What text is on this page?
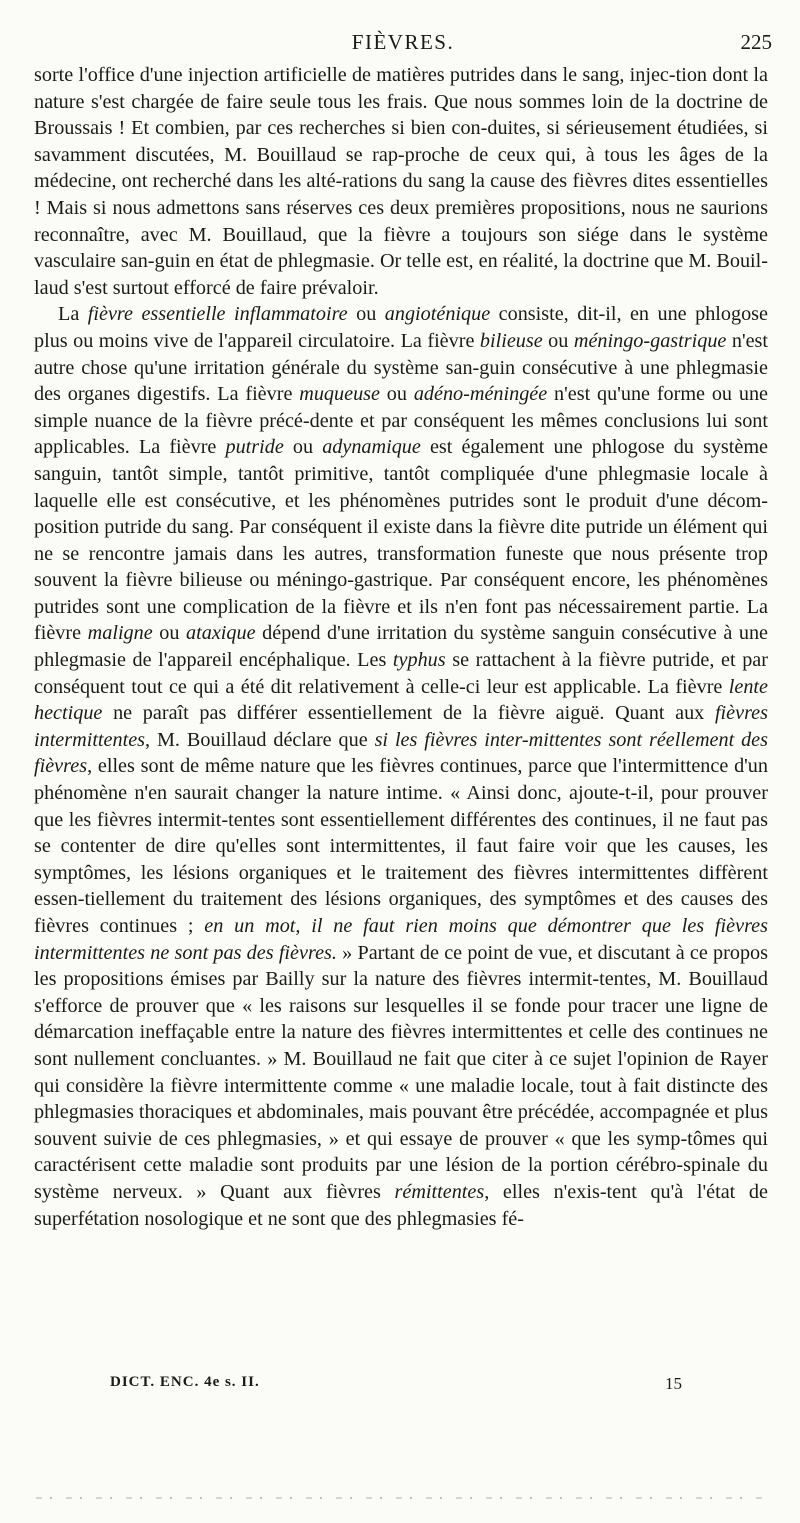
FIÈVRES.	225

sorte l'office d'une injection artificielle de matières putrides dans le sang, injec-tion dont la nature s'est chargée de faire seule tous les frais. Que nous sommes loin de la doctrine de Broussais ! Et combien, par ces recherches si bien con-duites, si sérieusement étudiées, si savamment discutées, M. Bouillaud se rap-proche de ceux qui, à tous les âges de la médecine, ont recherché dans les alté-rations du sang la cause des fièvres dites essentielles ! Mais si nous admettons sans réserves ces deux premières propositions, nous ne saurions reconnaître, avec M. Bouillaud, que la fièvre a toujours son siége dans le système vasculaire san-guin en état de phlegmasie. Or telle est, en réalité, la doctrine que M. Bouil-laud s'est surtout efforcé de faire prévaloir.

La fièvre essentielle inflammatoire ou angioténique consiste, dit-il, en une phlogose plus ou moins vive de l'appareil circulatoire. La fièvre bilieuse ou méningo-gastrique n'est autre chose qu'une irritation générale du système san-guin consécutive à une phlegmasie des organes digestifs. La fièvre muqueuse ou adéno-méningée n'est qu'une forme ou une simple nuance de la fièvre précé-dente et par conséquent les mêmes conclusions lui sont applicables. La fièvre putride ou adynamique est également une phlogose du système sanguin, tantôt simple, tantôt primitive, tantôt compliquée d'une phlegmasie locale à laquelle elle est consécutive, et les phénomènes putrides sont le produit d'une décom-position putride du sang. Par conséquent il existe dans la fièvre dite putride un élément qui ne se rencontre jamais dans les autres, transformation funeste que nous présente trop souvent la fièvre bilieuse ou méningo-gastrique. Par conséquent encore, les phénomènes putrides sont une complication de la fièvre et ils n'en font pas nécessairement partie. La fièvre maligne ou ataxique dépend d'une irritation du système sanguin consécutive à une phlegmasie de l'appareil encéphalique. Les typhus se rattachent à la fièvre putride, et par conséquent tout ce qui a été dit relativement à celle-ci leur est applicable. La fièvre lente hectique ne paraît pas différer essentiellement de la fièvre aiguë. Quant aux fièvres intermittentes, M. Bouillaud déclare que si les fièvres inter-mittentes sont réellement des fièvres, elles sont de même nature que les fièvres continues, parce que l'intermittence d'un phénomène n'en saurait changer la nature intime. « Ainsi donc, ajoute-t-il, pour prouver que les fièvres intermit-tentes sont essentiellement différentes des continues, il ne faut pas se contenter de dire qu'elles sont intermittentes, il faut faire voir que les causes, les symptômes, les lésions organiques et le traitement des fièvres intermittentes diffèrent essen-tiellement du traitement des lésions organiques, des symptômes et des causes des fièvres continues ; en un mot, il ne faut rien moins que démontrer que les fièvres intermittentes ne sont pas des fièvres. » Partant de ce point de vue, et discutant à ce propos les propositions émises par Bailly sur la nature des fièvres intermit-tentes, M. Bouillaud s'efforce de prouver que « les raisons sur lesquelles il se fonde pour tracer une ligne de démarcation ineffaçable entre la nature des fièvres intermittentes et celle des continues ne sont nullement concluantes. » M. Bouillaud ne fait que citer à ce sujet l'opinion de Rayer qui considère la fièvre intermittente comme « une maladie locale, tout à fait distincte des phlegmasies thoraciques et abdominales, mais pouvant être précédée, accompagnée et plus souvent suivie de ces phlegmasies, » et qui essaye de prouver « que les symp-tômes qui caractérisent cette maladie sont produits par une lésion de la portion cérébro-spinale du système nerveux. » Quant aux fièvres rémittentes, elles n'exis-tent qu'à l'état de superfétation nosologique et ne sont que des phlegmasies fé-

DICT. ENC. 4e s. II.	15
